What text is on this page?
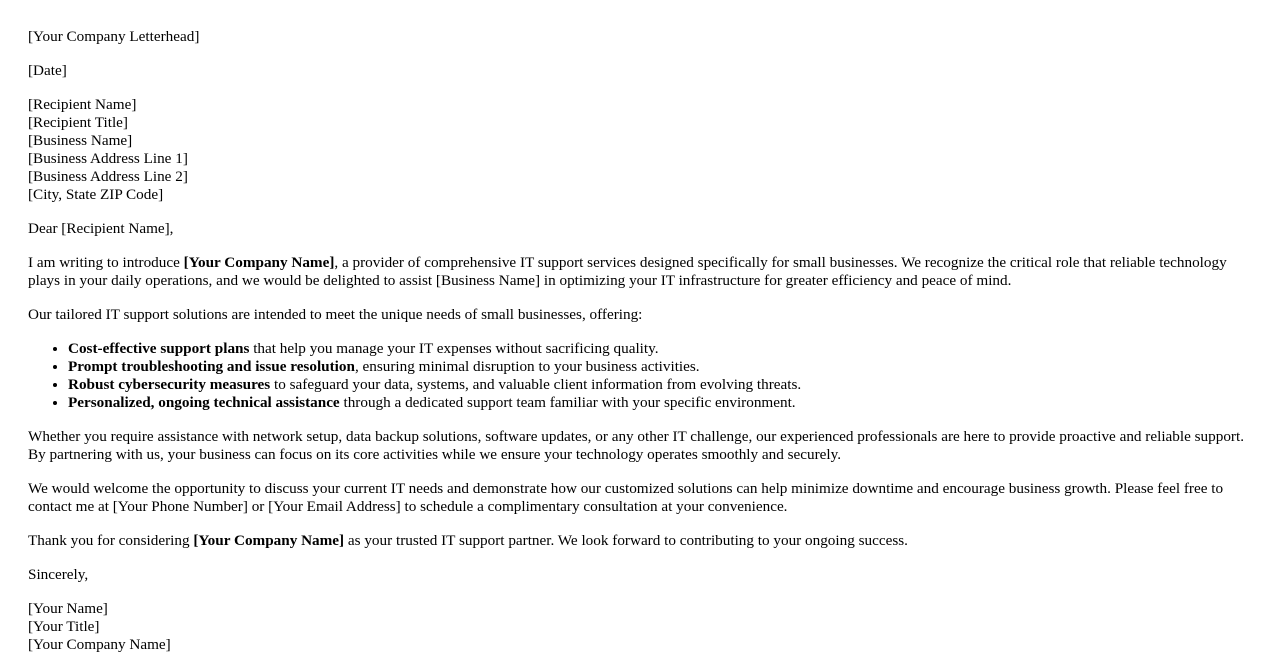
[Your Company Letterhead]

[Date]

[Recipient Name]
[Recipient Title]
[Business Name]
[Business Address Line 1]
[Business Address Line 2]
[City, State ZIP Code]

Dear [Recipient Name],

I am writing to introduce [Your Company Name], a provider of comprehensive IT support services designed specifically for small businesses. We recognize the critical role that reliable technology plays in your daily operations, and we would be delighted to assist [Business Name] in optimizing your IT infrastructure for greater efficiency and peace of mind.

Our tailored IT support solutions are intended to meet the unique needs of small businesses, offering:

• Cost-effective support plans that help you manage your IT expenses without sacrificing quality.
• Prompt troubleshooting and issue resolution, ensuring minimal disruption to your business activities.
• Robust cybersecurity measures to safeguard your data, systems, and valuable client information from evolving threats.
• Personalized, ongoing technical assistance through a dedicated support team familiar with your specific environment.

Whether you require assistance with network setup, data backup solutions, software updates, or any other IT challenge, our experienced professionals are here to provide proactive and reliable support. By partnering with us, your business can focus on its core activities while we ensure your technology operates smoothly and securely.

We would welcome the opportunity to discuss your current IT needs and demonstrate how our customized solutions can help minimize downtime and encourage business growth. Please feel free to contact me at [Your Phone Number] or [Your Email Address] to schedule a complimentary consultation at your convenience.

Thank you for considering [Your Company Name] as your trusted IT support partner. We look forward to contributing to your ongoing success.

Sincerely,

[Your Name]
[Your Title]
[Your Company Name]
